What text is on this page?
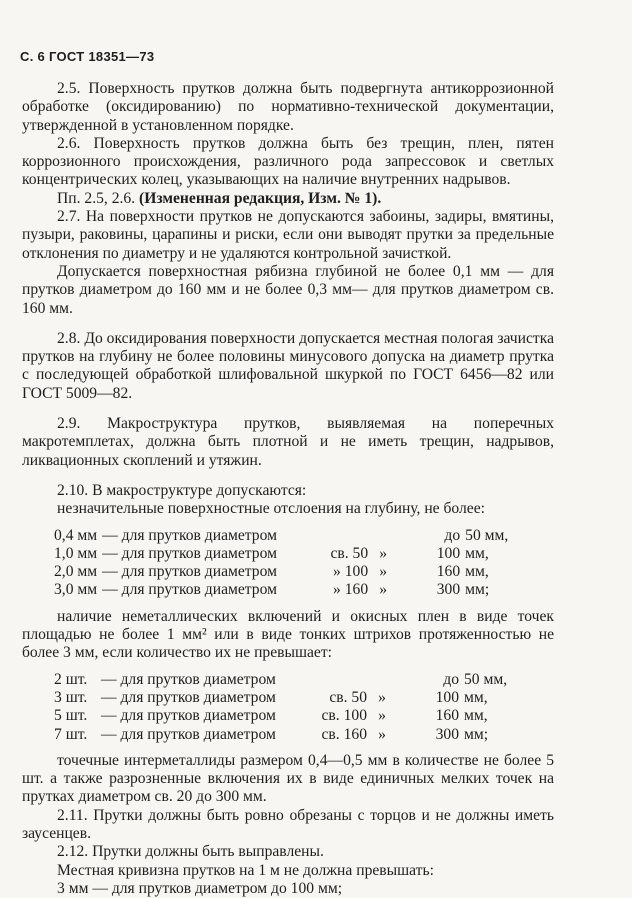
С. 6 ГОСТ 18351—73

2.5. Поверхность прутков должна быть подвергнута антикоррозионной обработке (оксидированию) по нормативно-технической документации, утвержденной в установленном порядке.

2.6. Поверхность прутков должна быть без трещин, плен, пятен коррозионного происхождения, различного рода запрессовок и светлых концентрических колец, указывающих на наличие внутренних надрывов.

Пп. 2.5, 2.6. (Измененная редакция, Изм. № 1).

2.7. На поверхности прутков не допускаются забоины, задиры, вмятины, пузыри, раковины, царапины и риски, если они выводят прутки за предельные отклонения по диаметру и не удаляются контрольной зачисткой.

Допускается поверхностная рябизна глубиной не более 0,1 мм — для прутков диаметром до 160 мм и не более 0,3 мм— для прутков диаметром св. 160 мм.

2.8. До оксидирования поверхности допускается местная пологая зачистка прутков на глубину не более половины минусового допуска на диаметр прутка с последующей обработкой шлифовальной шкуркой по ГОСТ 6456—82 или ГОСТ 5009—82.

2.9. Макроструктура прутков, выявляемая на поперечных макротемплетах, должна быть плотной и не иметь трещин, надрывов, ликвационных скоплений и утяжин.

2.10. В макроструктуре допускаются:

незначительные поверхностные отслоения на глубину, не более:

0,4 мм	— для прутков диаметром			до	50 мм,
1,0 мм	— для прутков диаметром	св. 50	»	100	мм,
2,0 мм	— для прутков диаметром	» 100	»	160	мм,
3,0 мм	— для прутков диаметром	» 160	»	300	мм;

наличие неметаллических включений и окисных плен в виде точек площадью не более 1 мм² или в виде тонких штрихов протяженностью не более 3 мм, если количество их не превышает:

2 шт.	— для прутков диаметром			до	50 мм,
3 шт.	— для прутков диаметром	св. 50	»	100	мм,
5 шт.	— для прутков диаметром	св. 100	»	160	мм,
7 шт.	— для прутков диаметром	св. 160	»	300	мм;

точечные интерметаллиды размером 0,4—0,5 мм в количестве не более 5 шт. а также разрозненные включения их в виде единичных мелких точек на прутках диаметром св. 20 до 300 мм.

2.11. Прутки должны быть ровно обрезаны с торцов и не должны иметь заусенцев.

2.12. Прутки должны быть выправлены.

Местная кривизна прутков на 1 м не должна превышать:

3 мм — для прутков диаметром до 100 мм;
